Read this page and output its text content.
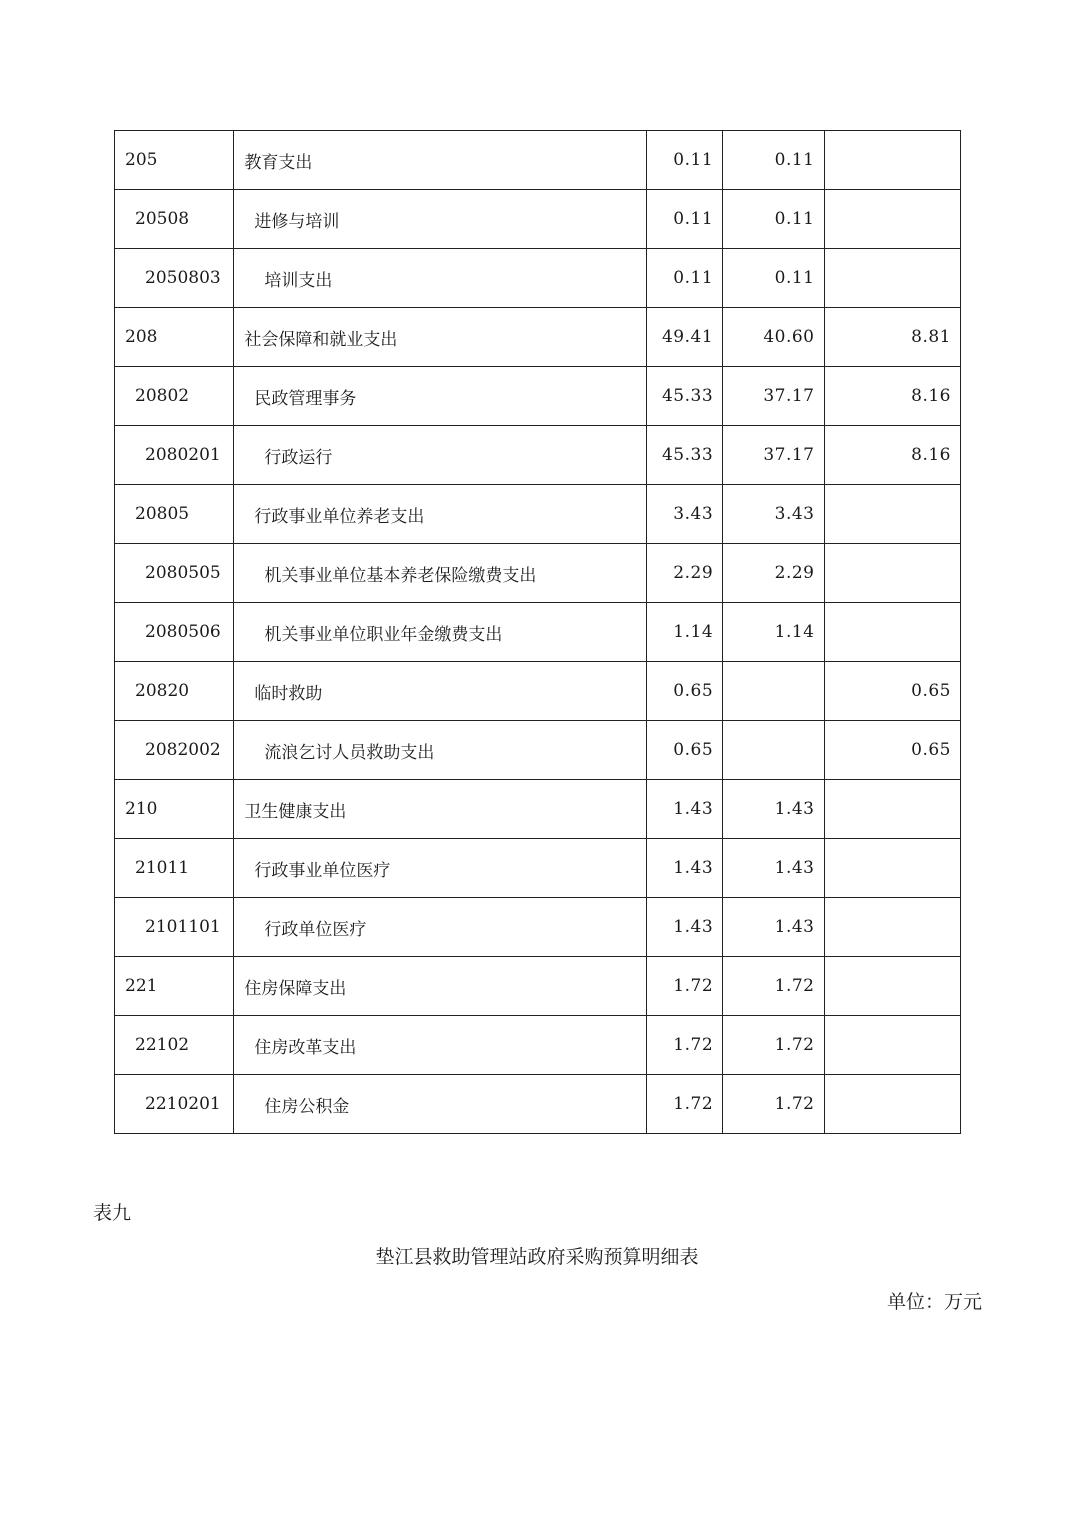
205	教育支出	0.11	0.11	
20508	进修与培训	0.11	0.11	
2050803	培训支出	0.11	0.11	
208	社会保障和就业支出	49.41	40.60	8.81
20802	民政管理事务	45.33	37.17	8.16
2080201	行政运行	45.33	37.17	8.16
20805	行政事业单位养老支出	3.43	3.43	
2080505	机关事业单位基本养老保险缴费支出	2.29	2.29	
2080506	机关事业单位职业年金缴费支出	1.14	1.14	
20820	临时救助	0.65		0.65
2082002	流浪乞讨人员救助支出	0.65		0.65
210	卫生健康支出	1.43	1.43	
21011	行政事业单位医疗	1.43	1.43	
2101101	行政单位医疗	1.43	1.43	
221	住房保障支出	1.72	1.72	
22102	住房改革支出	1.72	1.72	
2210201	住房公积金	1.72	1.72	
表九
垫江县救助管理站政府采购预算明细表
单位：万元
